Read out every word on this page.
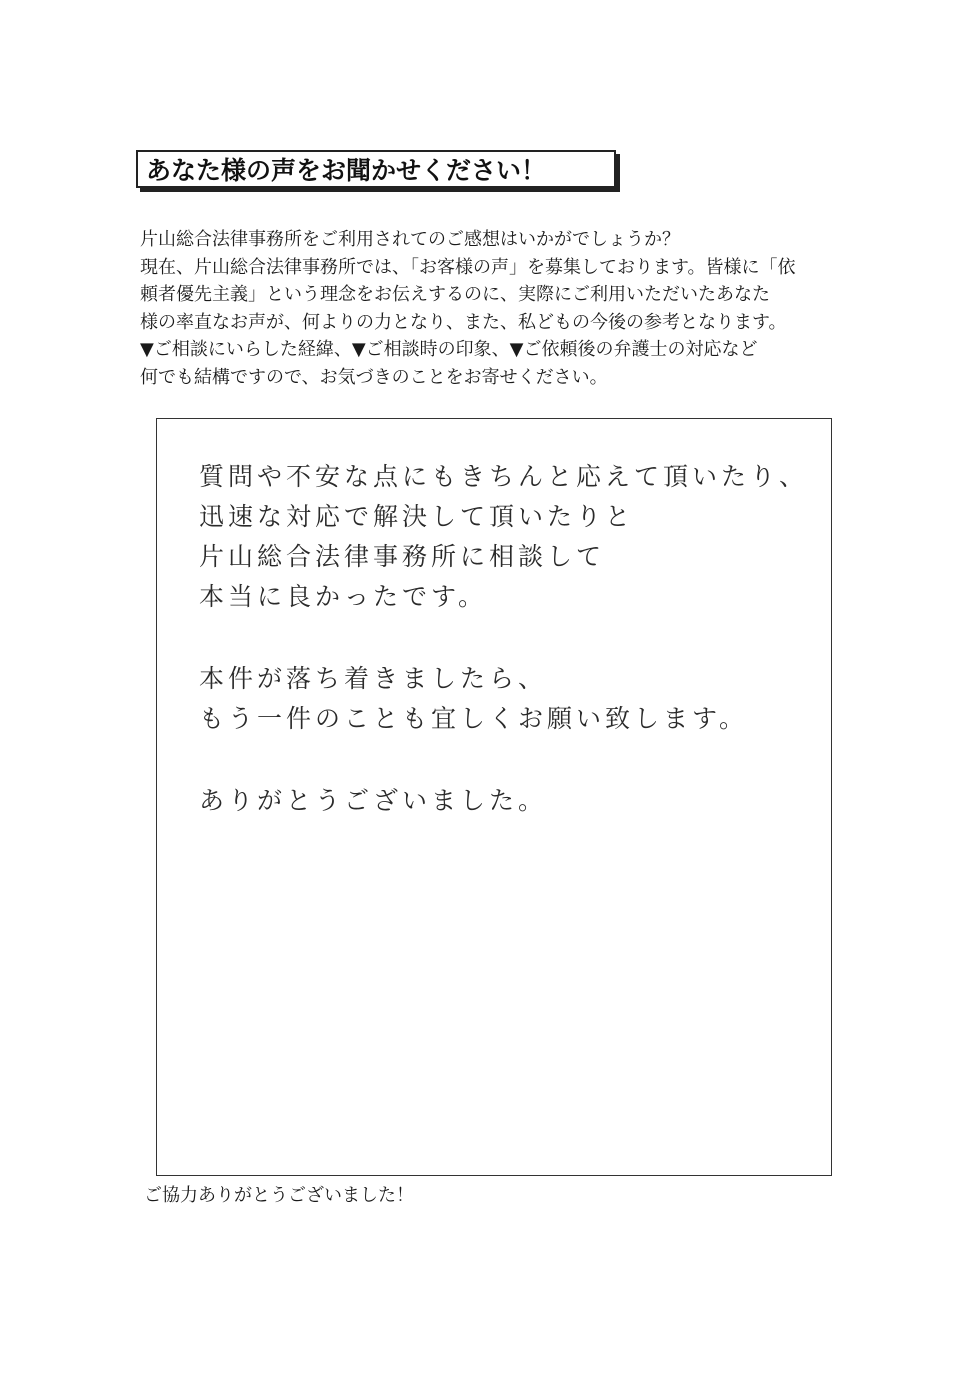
あなた様の声をお聞かせください！
片山総合法律事務所をご利用されてのご感想はいかがでしょうか？
現在、片山総合法律事務所では、「お客様の声」を募集しております。皆様に「依
頼者優先主義」という理念をお伝えするのに、実際にご利用いただいたあなた
様の率直なお声が、何よりの力となり、また、私どもの今後の参考となります。
▼ご相談にいらした経緯、▼ご相談時の印象、▼ご依頼後の弁護士の対応など
何でも結構ですので、お気づきのことをお寄せください。
質問や不安な点にもきちんと応えて頂いたり、
迅速な対応で解決して頂いたりと
片山総合法律事務所に相談して
本当に良かったです。
本件が落ち着きましたら、
もう一件のことも宜しくお願い致します。
ありがとうございました。
ご協力ありがとうございました！
